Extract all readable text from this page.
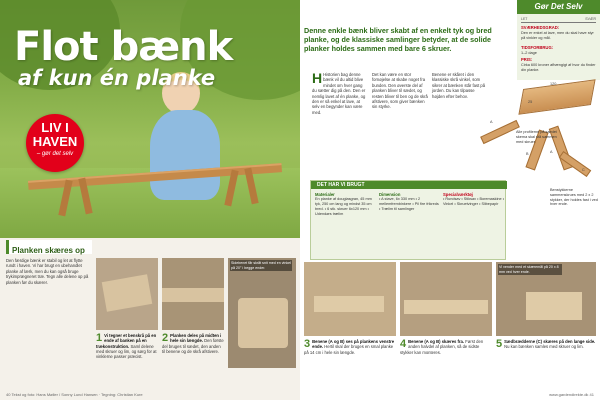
Flot bænk
af kun én planke
LIV I
HAVEN
– gør det selv
Planken skæres op
Den færdige bænk er stabil og let at flytte rundt i haven. Vi har brugt en ubehandlet planke af lærk, men du kan også bruge trykimprægneret træ. Tegn alle delene op på planken før du skærer.
1 Vi tegner et benskrå på en ende af banken på en trækonstruktion. Saml delene med skruer og lim, og sørg for at vinklerne passer præcist.
2 Planken deles på midten i hele sin længde. Den første del bruges til sædet, den anden til benene og de skrå afstivere.
Sidebenet får skråt snit med en vinkel på 20° i begge ender.
40 Tekst og foto: Hans Møller / Sonny Lund Hansen · Tegning: Christian Kure
Denne enkle bænk bliver skabt af en enkelt tyk og bred planke, og de klassiske samlinger betyder, at de solide planker holdes sammen med bare 6 skruer.
H Historien bag denne bænk vil du altid blive mindet om hver gang du sætter dig på den. Den er nemlig lavet af én planke, og den er så enkel at lave, at selv en begynder kan være med.
Det kan være en stor fornøjelse at skabe noget fra bunden. Den øverste del af planken bliver til sædet, og resten bliver til ben og de skrå afstivere, som giver bænken sin styrke.
Benene er skåret i den klassiske skrå vinkel, som sikrer at bænken står fast på jorden. Du kan tilpasse højden efter behov.
Gør Det Selv
LET	SVÆR
SVÆRHEDSGRAD:
Den er enkel at lave, men du skal have styr på vinkler og mål.
TIDSFORBRUG:
1–2 dage
PRIS:
Cirka 600 kroner afhængigt af hvor du finder din planke.
120
25
A
B	A
C
Alle profilerne på samlet skema skal stå sammen med skruer.
Benstykkerne sammenskrues med 2 x 2 stykker, der holdes fast i ved hver ende.
DET HAR VI BRUGT
Materialer
En planke af douglasgran, 45 mm tyk, 250 cm lang og mindst 35 cm bred. • 6 stk. skruer 6x120 mm • Udendørs trælim
Dimension
• A stave, 6x 330 mm • 2 mellemfrembinkere • Pil fire frikreds • Trælim til samlinger
Specialværktøj
• Rundsav • Stiksav • Boremaskine • Vinkel • Skruetvinger • Slibepapir
3 Benene (A og B) ses på plankens venstre ende. Hertil skal der bruges en smal planke på 14 cm i hele sin længde.
4 Benene (A og B) skæres fra. Først den anden halvdel af planken, så de sidste stykker kan monteres.
Vi vender med et skæremål på 20 x 8 mm ved hver ende.
5 Sædbrædderne (C) skæres på den lange side. Nu kan bænken samles med skruer og lim.
www.gardendirekte.dk 41
